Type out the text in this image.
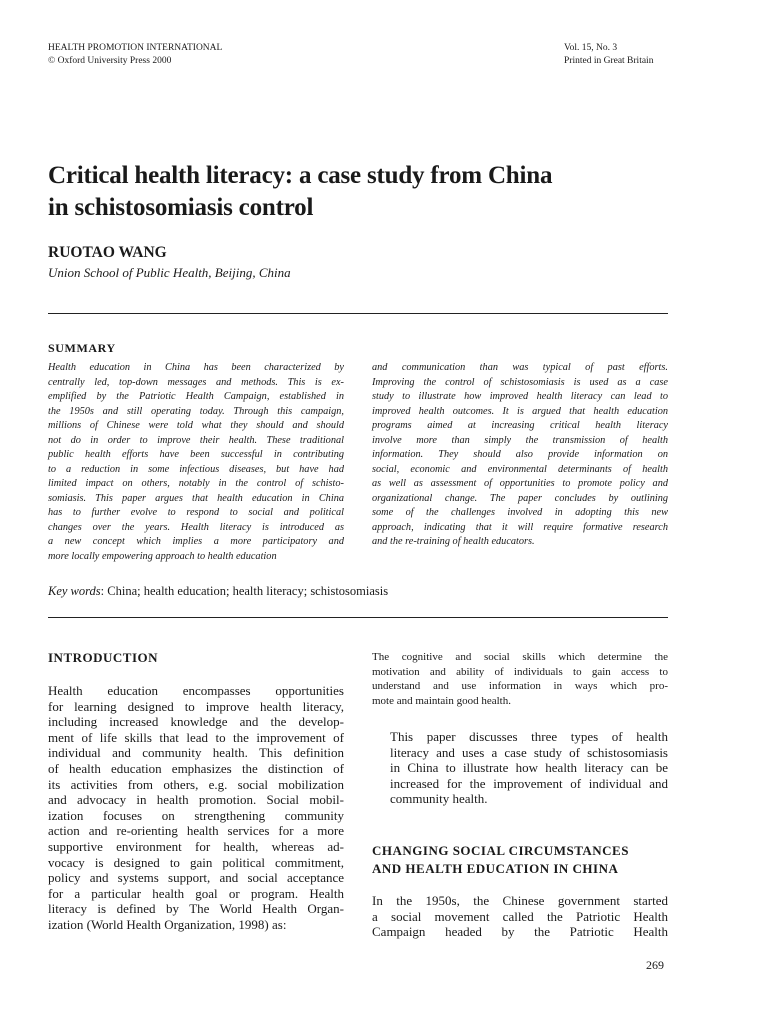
HEALTH PROMOTION INTERNATIONAL
© Oxford University Press 2000
Vol. 15, No. 3
Printed in Great Britain
Critical health literacy: a case study from China
in schistosomiasis control
RUOTAO WANG
Union School of Public Health, Beijing, China
SUMMARY
Health education in China has been characterized by
centrally led, top-down messages and methods. This is ex-
emplified by the Patriotic Health Campaign, established in
the 1950s and still operating today. Through this campaign,
millions of Chinese were told what they should and should
not do in order to improve their health. These traditional
public health efforts have been successful in contributing
to a reduction in some infectious diseases, but have had
limited impact on others, notably in the control of schisto-
somiasis. This paper argues that health education in China
has to further evolve to respond to social and political
changes over the years. Health literacy is introduced as
a new concept which implies a more participatory and
more locally empowering approach to health education
and communication than was typical of past efforts.
Improving the control of schistosomiasis is used as a case
study to illustrate how improved health literacy can lead to
improved health outcomes. It is argued that health education
programs aimed at increasing critical health literacy
involve more than simply the transmission of health
information. They should also provide information on
social, economic and environmental determinants of health
as well as assessment of opportunities to promote policy and
organizational change. The paper concludes by outlining
some of the challenges involved in adopting this new
approach, indicating that it will require formative research
and the re-training of health educators.
Key words: China; health education; health literacy; schistosomiasis
INTRODUCTION
Health education encompasses opportunities
for learning designed to improve health literacy,
including increased knowledge and the develop-
ment of life skills that lead to the improvement of
individual and community health. This definition
of health education emphasizes the distinction of
its activities from others, e.g. social mobilization
and advocacy in health promotion. Social mobil-
ization focuses on strengthening community
action and re-orienting health services for a more
supportive environment for health, whereas ad-
vocacy is designed to gain political commitment,
policy and systems support, and social acceptance
for a particular health goal or program. Health
literacy is defined by The World Health Organ-
ization (World Health Organization, 1998) as:
The cognitive and social skills which determine the
motivation and ability of individuals to gain access to
understand and use information in ways which pro-
mote and maintain good health.
This paper discusses three types of health
literacy and uses a case study of schistosomiasis
in China to illustrate how health literacy can be
increased for the improvement of individual and
community health.
CHANGING SOCIAL CIRCUMSTANCES
AND HEALTH EDUCATION IN CHINA
In the 1950s, the Chinese government started
a social movement called the Patriotic Health
Campaign headed by the Patriotic Health
269
